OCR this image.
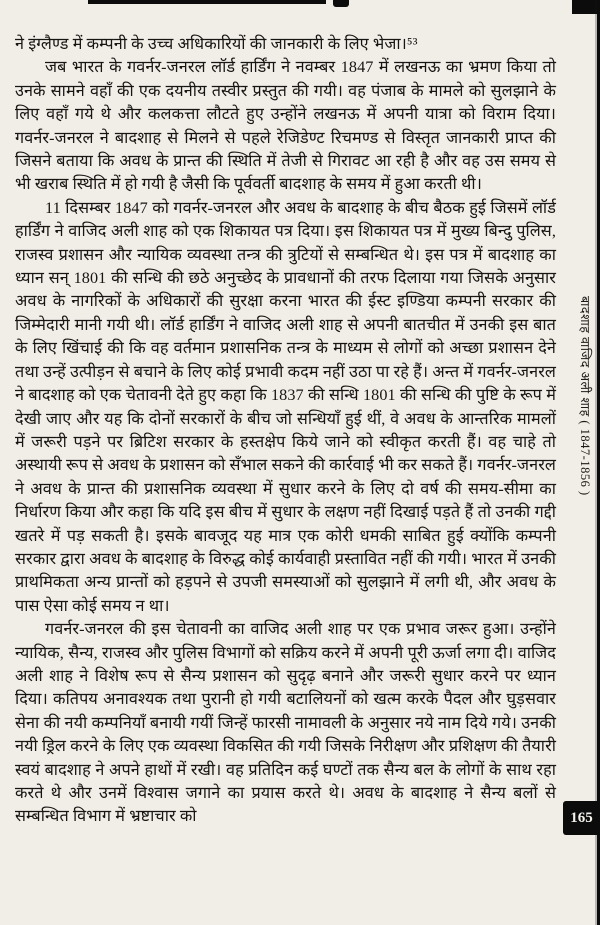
ने इंग्लैण्ड में कम्पनी के उच्च अधिकारियों की जानकारी के लिए भेजा।⁵³

जब भारत के गवर्नर-जनरल लॉर्ड हार्डिंग ने नवम्बर 1847 में लखनऊ का भ्रमण किया तो उनके सामने वहाँ की एक दयनीय तस्वीर प्रस्तुत की गयी। वह पंजाब के मामले को सुलझाने के लिए वहाँ गये थे और कलकत्ता लौटते हुए उन्होंने लखनऊ में अपनी यात्रा को विराम दिया। गवर्नर-जनरल ने बादशाह से मिलने से पहले रेजिडेण्ट रिचमण्ड से विस्तृत जानकारी प्राप्त की जिसने बताया कि अवध के प्रान्त की स्थिति में तेजी से गिरावट आ रही है और वह उस समय से भी खराब स्थिति में हो गयी है जैसी कि पूर्ववर्ती बादशाह के समय में हुआ करती थी।

11 दिसम्बर 1847 को गवर्नर-जनरल और अवध के बादशाह के बीच बैठक हुई जिसमें लॉर्ड हार्डिंग ने वाजिद अली शाह को एक शिकायत पत्र दिया। इस शिकायत पत्र में मुख्य बिन्दु पुलिस, राजस्व प्रशासन और न्यायिक व्यवस्था तन्त्र की त्रुटियों से सम्बन्धित थे। इस पत्र में बादशाह का ध्यान सन् 1801 की सन्धि की छठे अनुच्छेद के प्रावधानों की तरफ दिलाया गया जिसके अनुसार अवध के नागरिकों के अधिकारों की सुरक्षा करना भारत की ईस्ट इण्डिया कम्पनी सरकार की जिम्मेदारी मानी गयी थी। लॉर्ड हार्डिंग ने वाजिद अली शाह से अपनी बातचीत में उनकी इस बात के लिए खिंचाई की कि वह वर्तमान प्रशासनिक तन्त्र के माध्यम से लोगों को अच्छा प्रशासन देने तथा उन्हें उत्पीड़न से बचाने के लिए कोई प्रभावी कदम नहीं उठा पा रहे हैं। अन्त में गवर्नर-जनरल ने बादशाह को एक चेतावनी देते हुए कहा कि 1837 की सन्धि 1801 की सन्धि की पुष्टि के रूप में देखी जाए और यह कि दोनों सरकारों के बीच जो सन्धियाँ हुई थीं, वे अवध के आन्तरिक मामलों में जरूरी पड़ने पर ब्रिटिश सरकार के हस्तक्षेप किये जाने को स्वीकृत करती हैं। वह चाहे तो अस्थायी रूप से अवध के प्रशासन को सँभाल सकने की कार्रवाई भी कर सकते हैं। गवर्नर-जनरल ने अवध के प्रान्त की प्रशासनिक व्यवस्था में सुधार करने के लिए दो वर्ष की समय-सीमा का निर्धारण किया और कहा कि यदि इस बीच में सुधार के लक्षण नहीं दिखाई पड़ते हैं तो उनकी गद्दी खतरे में पड़ सकती है। इसके बावजूद यह मात्र एक कोरी धमकी साबित हुई क्योंकि कम्पनी सरकार द्वारा अवध के बादशाह के विरुद्ध कोई कार्यवाही प्रस्तावित नहीं की गयी। भारत में उनकी प्राथमिकता अन्य प्रान्तों को हड़पने से उपजी समस्याओं को सुलझाने में लगी थी, और अवध के पास ऐसा कोई समय न था।

गवर्नर-जनरल की इस चेतावनी का वाजिद अली शाह पर एक प्रभाव जरूर हुआ। उन्होंने न्यायिक, सैन्य, राजस्व और पुलिस विभागों को सक्रिय करने में अपनी पूरी ऊर्जा लगा दी। वाजिद अली शाह ने विशेष रूप से सैन्य प्रशासन को सुदृढ़ बनाने और जरूरी सुधार करने पर ध्यान दिया। कतिपय अनावश्यक तथा पुरानी हो गयी बटालियनों को खत्म करके पैदल और घुड़सवार सेना की नयी कम्पनियाँ बनायी गयीं जिन्हें फारसी नामावली के अनुसार नये नाम दिये गये। उनकी नयी ड्रिल करने के लिए एक व्यवस्था विकसित की गयी जिसके निरीक्षण और प्रशिक्षण की तैयारी स्वयं बादशाह ने अपने हाथों में रखी। वह प्रतिदिन कई घण्टों तक सैन्य बल के लोगों के साथ रहा करते थे और उनमें विश्वास जगाने का प्रयास करते थे। अवध के बादशाह ने सैन्य बलों से सम्बन्धित विभाग में भ्रष्टाचार को

बादशाह वाजिद अली शाह ( 1847-1856 )
165
